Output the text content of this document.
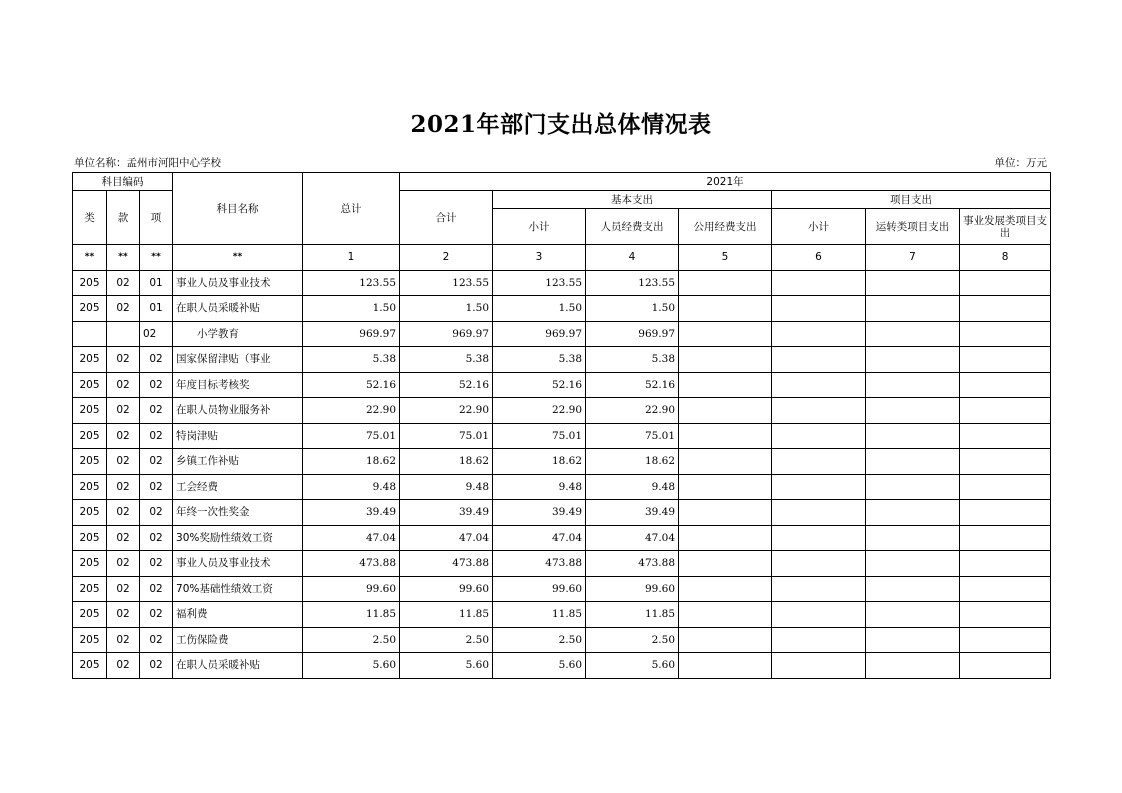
2021年部门支出总体情况表
单位名称：孟州市河阳中心学校	单位：万元
科目编码			科目名称	总计	2021年						
类	款	项			合计	基本支出			项目支出		
						小计	人员经费支出	公用经费支出	小计	运转类项目支出	事业发展类项目支出
**	**	**	**	1	2	3	4	5	6	7	8
205	02	01	事业人员及事业技术	123.55	123.55	123.55	123.55				
205	02	01	在职人员采暖补贴	1.50	1.50	1.50	1.50				
		02	小学教育	969.97	969.97	969.97	969.97				
205	02	02	国家保留津贴（事业	5.38	5.38	5.38	5.38				
205	02	02	年度目标考核奖	52.16	52.16	52.16	52.16				
205	02	02	在职人员物业服务补	22.90	22.90	22.90	22.90				
205	02	02	特岗津贴	75.01	75.01	75.01	75.01				
205	02	02	乡镇工作补贴	18.62	18.62	18.62	18.62				
205	02	02	工会经费	9.48	9.48	9.48	9.48				
205	02	02	年终一次性奖金	39.49	39.49	39.49	39.49				
205	02	02	30%奖励性绩效工资	47.04	47.04	47.04	47.04				
205	02	02	事业人员及事业技术	473.88	473.88	473.88	473.88				
205	02	02	70%基础性绩效工资	99.60	99.60	99.60	99.60				
205	02	02	福利费	11.85	11.85	11.85	11.85				
205	02	02	工伤保险费	2.50	2.50	2.50	2.50				
205	02	02	在职人员采暖补贴	5.60	5.60	5.60	5.60				
